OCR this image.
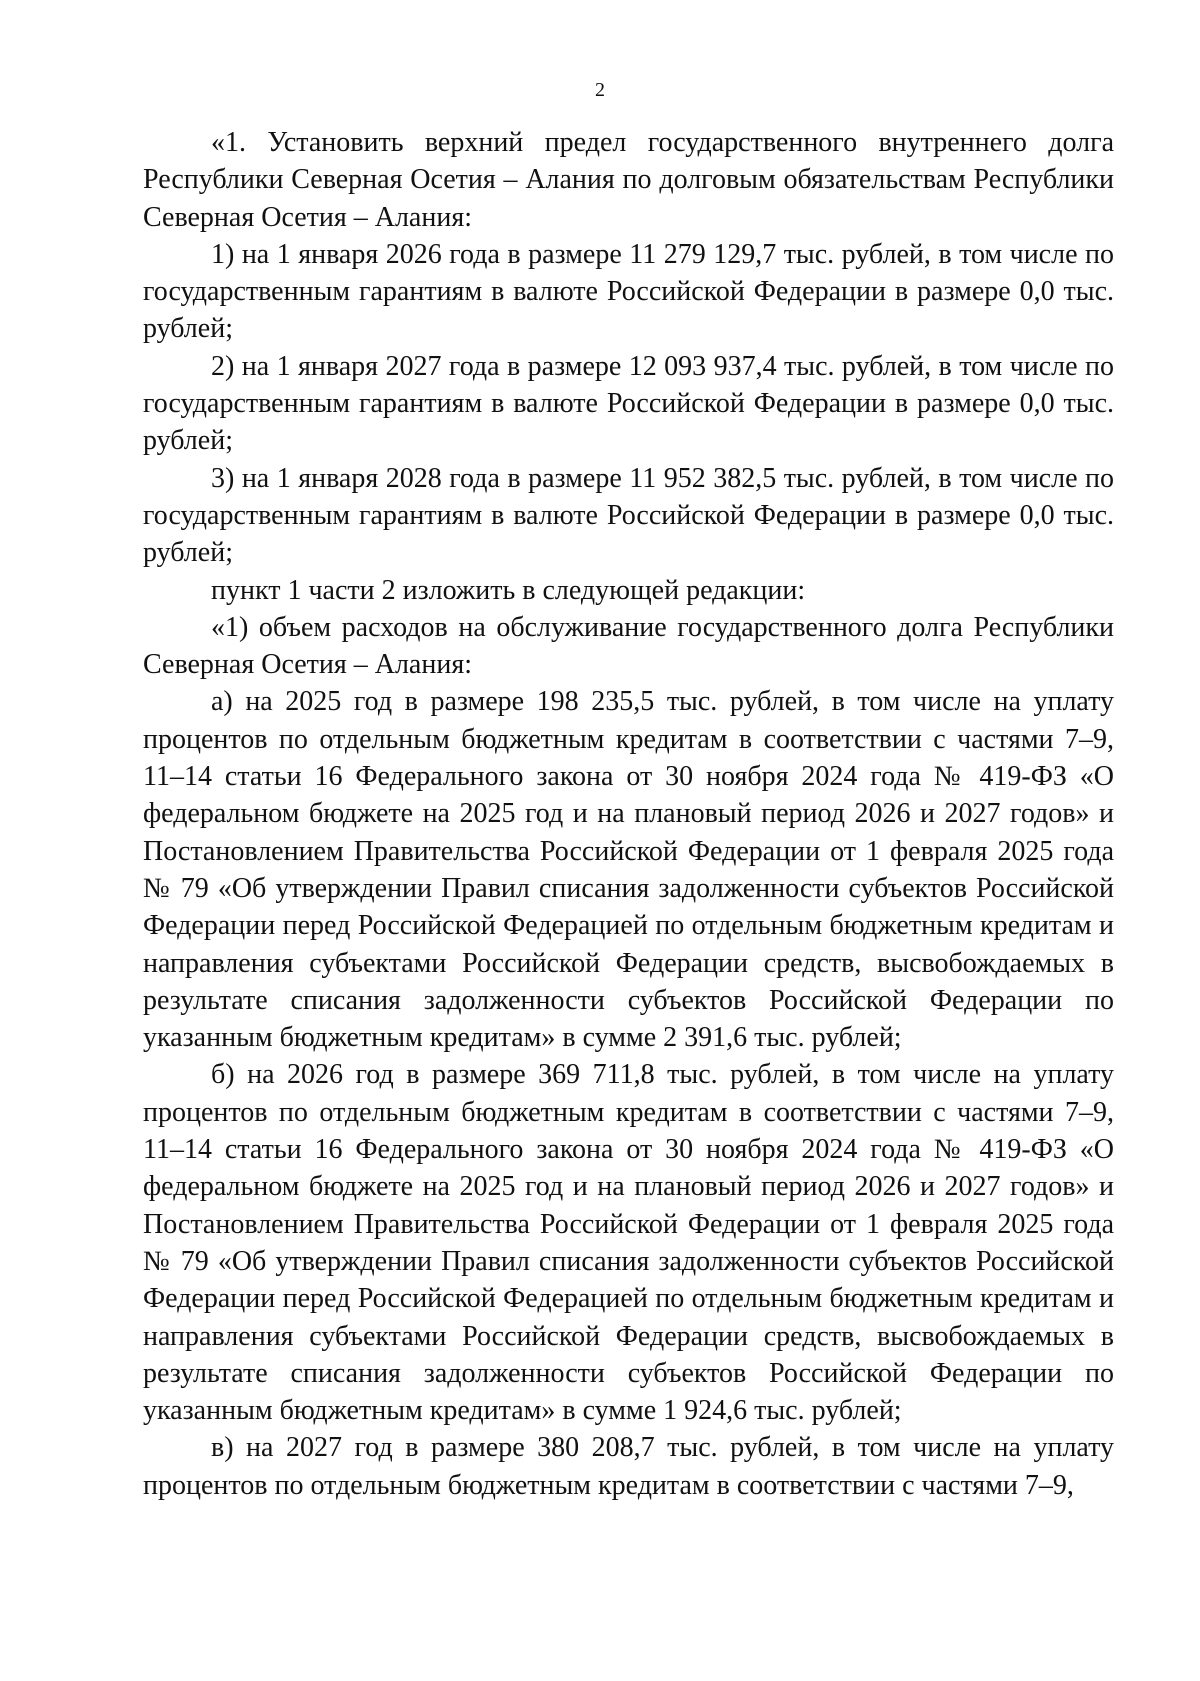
2

«1. Установить верхний предел государственного внутреннего долга Республики Северная Осетия – Алания по долговым обязательствам Республики Северная Осетия – Алания:

1) на 1 января 2026 года в размере 11 279 129,7 тыс. рублей, в том числе по государственным гарантиям в валюте Российской Федерации в размере 0,0 тыс. рублей;

2) на 1 января 2027 года в размере 12 093 937,4 тыс. рублей, в том числе по государственным гарантиям в валюте Российской Федерации в размере 0,0 тыс. рублей;

3) на 1 января 2028 года в размере 11 952 382,5 тыс. рублей, в том числе по государственным гарантиям в валюте Российской Федерации в размере 0,0 тыс. рублей;

пункт 1 части 2 изложить в следующей редакции:

«1) объем расходов на обслуживание государственного долга Республики Северная Осетия – Алания:

а) на 2025 год в размере 198 235,5 тыс. рублей, в том числе на уплату процентов по отдельным бюджетным кредитам в соответствии с частями 7–9, 11–14 статьи 16 Федерального закона от 30 ноября 2024 года № 419-ФЗ «О федеральном бюджете на 2025 год и на плановый период 2026 и 2027 годов» и Постановлением Правительства Российской Федерации от 1 февраля 2025 года № 79 «Об утверждении Правил списания задолженности субъектов Российской Федерации перед Российской Федерацией по отдельным бюджетным кредитам и направления субъектами Российской Федерации средств, высвобождаемых в результате списания задолженности субъектов Российской Федерации по указанным бюджетным кредитам» в сумме 2 391,6 тыс. рублей;

б) на 2026 год в размере 369 711,8 тыс. рублей, в том числе на уплату процентов по отдельным бюджетным кредитам в соответствии с частями 7–9, 11–14 статьи 16 Федерального закона от 30 ноября 2024 года № 419-ФЗ «О федеральном бюджете на 2025 год и на плановый период 2026 и 2027 годов» и Постановлением Правительства Российской Федерации от 1 февраля 2025 года № 79 «Об утверждении Правил списания задолженности субъектов Российской Федерации перед Российской Федерацией по отдельным бюджетным кредитам и направления субъектами Российской Федерации средств, высвобождаемых в результате списания задолженности субъектов Российской Федерации по указанным бюджетным кредитам» в сумме 1 924,6 тыс. рублей;

в) на 2027 год в размере 380 208,7 тыс. рублей, в том числе на уплату процентов по отдельным бюджетным кредитам в соответствии с частями 7–9,
